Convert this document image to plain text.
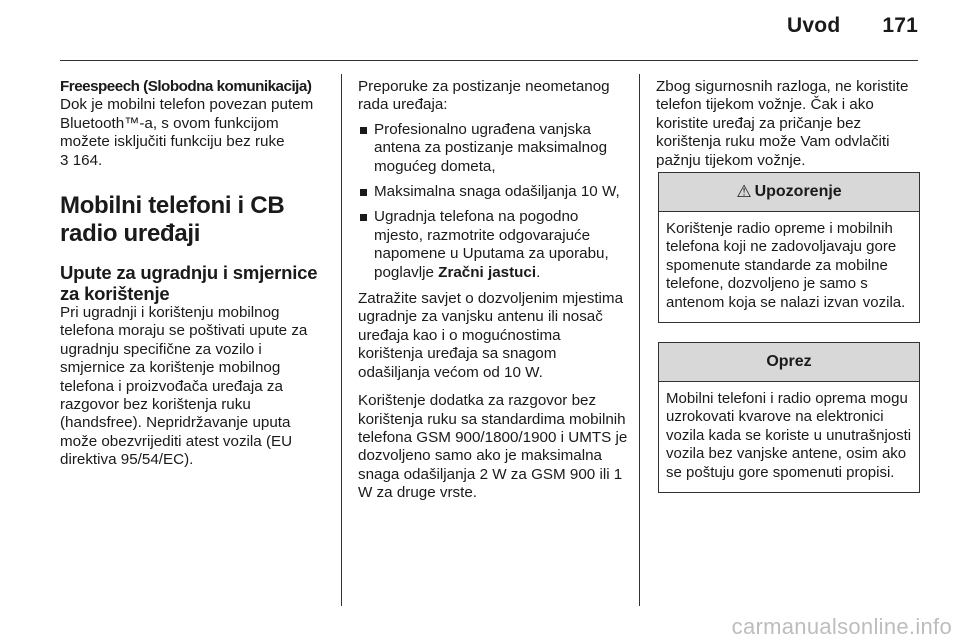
Uvod 171

Freespeech (Slobodna komunikacija)
Dok je mobilni telefon povezan putem Bluetooth™-a, s ovom funkcijom možete isključiti funkciju bez ruke
3 164.

Mobilni telefoni i CB radio uređaji
Upute za ugradnju i smjernice za korištenje

Pri ugradnji i korištenju mobilnog telefona moraju se poštivati upute za ugradnju specifične za vozilo i smjernice za korištenje mobilnog telefona i proizvođača uređaja za razgovor bez korištenja ruku (handsfree). Nepridržavanje uputa može obezvrijediti atest vozila (EU direktiva 95/54/EC).

Preporuke za postizanje neometanog rada uređaja:

Profesionalno ugrađena vanjska antena za postizanje maksimalnog mogućeg dometa,
Maksimalna snaga odašiljanja 10 W,
Ugradnja telefona na pogodno mjesto, razmotrite odgovarajuće napomene u Uputama za uporabu, poglavlje Zračni jastuci.

Zatražite savjet o dozvoljenim mjestima ugradnje za vanjsku antenu ili nosač uređaja kao i o mogućnostima korištenja uređaja sa snagom odašiljanja većom od 10 W.

Korištenje dodatka za razgovor bez korištenja ruku sa standardima mobilnih telefona GSM 900/1800/1900 i UMTS je dozvoljeno samo ako je maksimalna snaga odašiljanja 2 W za GSM 900 ili 1 W za druge vrste.

Zbog sigurnosnih razloga, ne koristite telefon tijekom vožnje. Čak i ako koristite uređaj za pričanje bez korištenja ruku može Vam odvlačiti pažnju tijekom vožnje.

⚠ Upozorenje
Korištenje radio opreme i mobilnih telefona koji ne zadovoljavaju gore spomenute standarde za mobilne telefone, dozvoljeno je samo s antenom koja se nalazi izvan vozila.
Oprez
Mobilni telefoni i radio oprema mogu uzrokovati kvarove na elektronici vozila kada se koriste u unutrašnjosti vozila bez vanjske antene, osim ako se poštuju gore spomenuti propisi.
carmanualsonline.info
